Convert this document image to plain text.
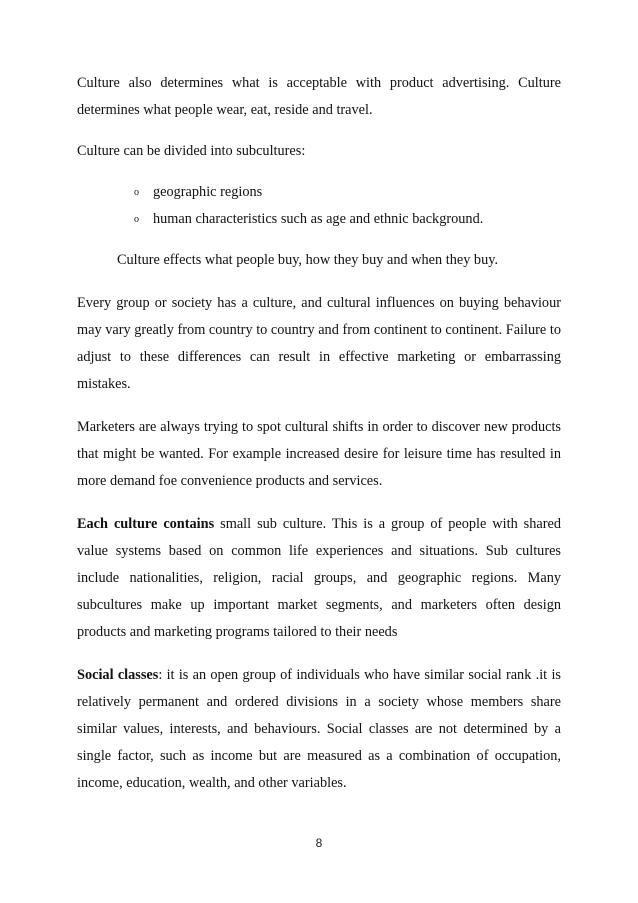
Culture also determines what is acceptable with product advertising. Culture determines what people wear, eat, reside and travel.

Culture can be divided into subcultures:

o geographic regions
o human characteristics such as age and ethnic background.

Culture effects what people buy, how they buy and when they buy.

Every group or society has a culture, and cultural influences on buying behaviour may vary greatly from country to country and from continent to continent. Failure to adjust to these differences can result in effective marketing or embarrassing mistakes.

Marketers are always trying to spot cultural shifts in order to discover new products that might be wanted. For example increased desire for leisure time has resulted in more demand foe convenience products and services.

Each culture contains small sub culture. This is a group of people with shared value systems based on common life experiences and situations. Sub cultures include nationalities, religion, racial groups, and geographic regions. Many subcultures make up important market segments, and marketers often design products and marketing programs tailored to their needs

Social classes: it is an open group of individuals who have similar social rank .it is relatively permanent and ordered divisions in a society whose members share similar values, interests, and behaviours. Social classes are not determined by a single factor, such as income but are measured as a combination of occupation, income, education, wealth, and other variables.

8
